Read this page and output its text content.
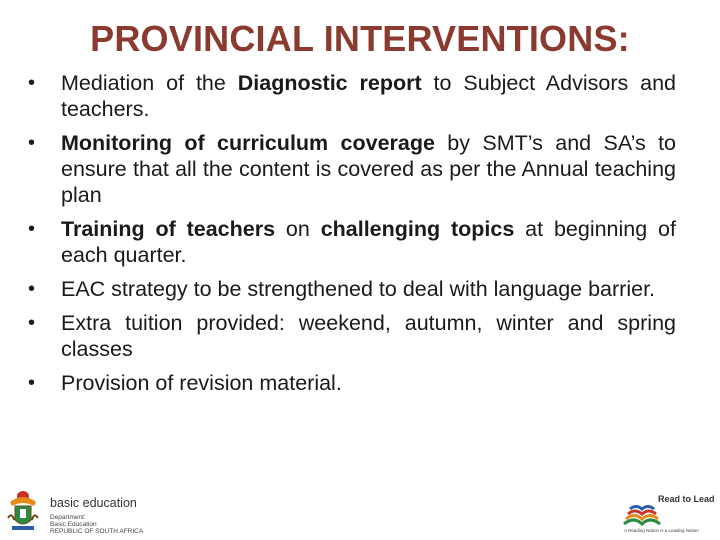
PROVINCIAL INTERVENTIONS:
• Mediation of the Diagnostic report to Subject Advisors and teachers.
• Monitoring of curriculum coverage by SMT’s and SA’s to ensure that all the content is covered as per the Annual teaching plan
• Training of teachers on challenging topics at beginning of each quarter.
• EAC strategy to be strengthened to deal with language barrier.
• Extra tuition provided: weekend, autumn, winter and spring classes
• Provision of revision material.
basic education
Department:
Basic Education
REPUBLIC OF SOUTH AFRICA
Read to Lead
A Reading Nation is a Leading Nation
